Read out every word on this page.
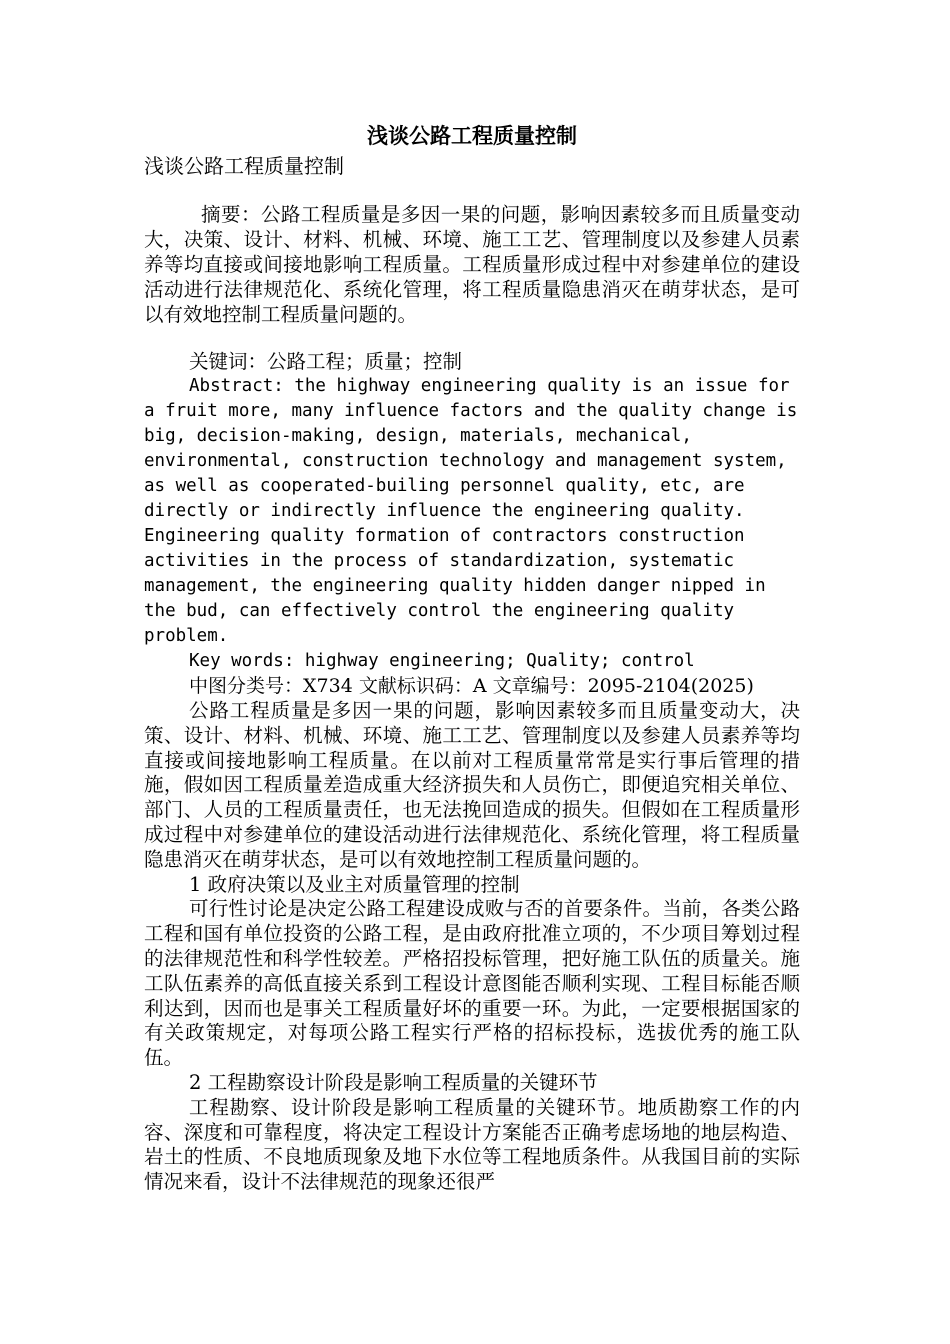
浅谈公路工程质量控制
浅谈公路工程质量控制

摘要：公路工程质量是多因一果的问题，影响因素较多而且质量变动大，决策、设计、材料、机械、环境、施工工艺、管理制度以及参建人员素养等均直接或间接地影响工程质量。工程质量形成过程中对参建单位的建设活动进行法律规范化、系统化管理，将工程质量隐患消灭在萌芽状态，是可以有效地控制工程质量问题的。

关键词：公路工程；质量；控制

Abstract: the highway engineering quality is an issue for a fruit more, many influence factors and the quality change is big, decision-making, design, materials, mechanical, environmental, construction technology and management system, as well as cooperated-builing personnel quality, etc, are directly or indirectly influence the engineering quality. Engineering quality formation of contractors construction activities in the process of standardization, systematic management, the engineering quality hidden danger nipped in the bud, can effectively control the engineering quality problem.

Key words: highway engineering; Quality; control

中图分类号：X734 文献标识码：A 文章编号：2095-2104(2025)

公路工程质量是多因一果的问题，影响因素较多而且质量变动大，决策、设计、材料、机械、环境、施工工艺、管理制度以及参建人员素养等均直接或间接地影响工程质量。在以前对工程质量常常是实行事后管理的措施，假如因工程质量差造成重大经济损失和人员伤亡，即便追究相关单位、部门、人员的工程质量责任，也无法挽回造成的损失。但假如在工程质量形成过程中对参建单位的建设活动进行法律规范化、系统化管理，将工程质量隐患消灭在萌芽状态，是可以有效地控制工程质量问题的。

1 政府决策以及业主对质量管理的控制

可行性讨论是决定公路工程建设成败与否的首要条件。当前，各类公路工程和国有单位投资的公路工程，是由政府批准立项的，不少项目筹划过程的法律规范性和科学性较差。严格招投标管理，把好施工队伍的质量关。施工队伍素养的高低直接关系到工程设计意图能否顺利实现、工程目标能否顺利达到，因而也是事关工程质量好坏的重要一环。为此，一定要根据国家的有关政策规定，对每项公路工程实行严格的招标投标，选拔优秀的施工队伍。

2 工程勘察设计阶段是影响工程质量的关键环节

工程勘察、设计阶段是影响工程质量的关键环节。地质勘察工作的内容、深度和可靠程度，将决定工程设计方案能否正确考虑场地的地层构造、岩土的性质、不良地质现象及地下水位等工程地质条件。从我国目前的实际情况来看，设计不法律规范的现象还很严
